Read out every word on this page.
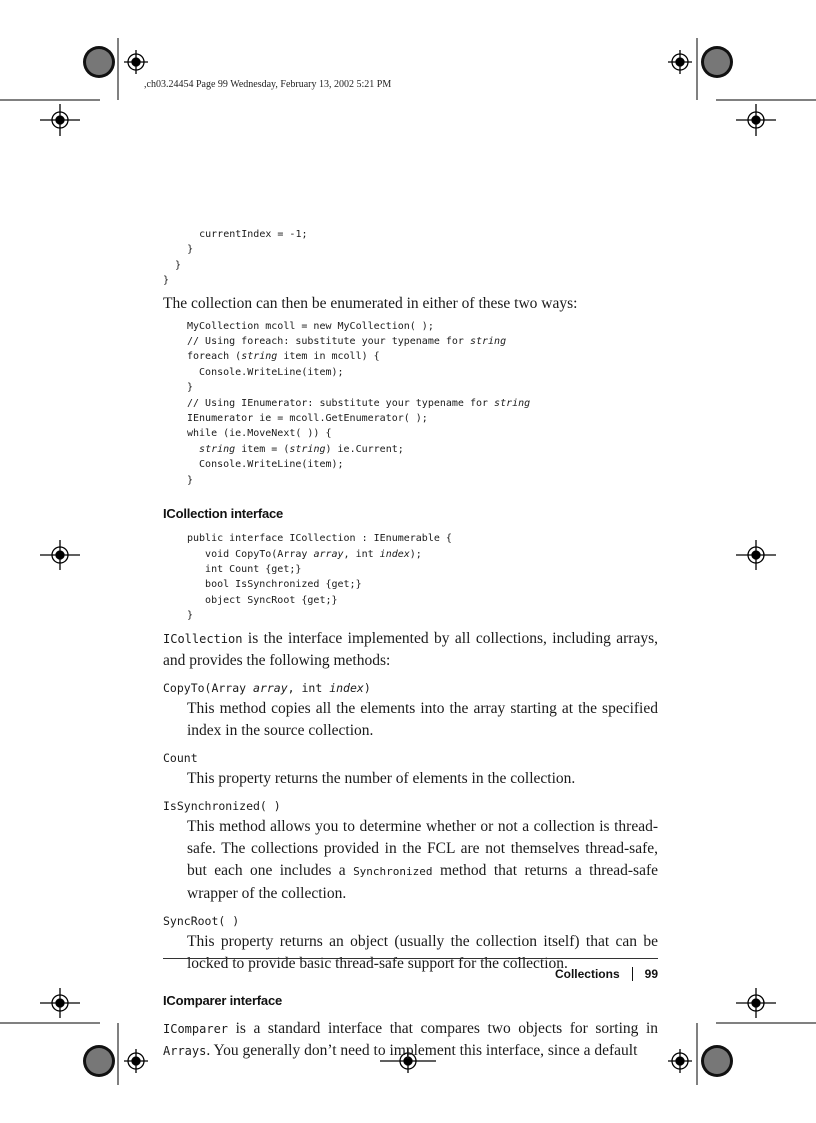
,ch03.24454 Page 99 Wednesday, February 13, 2002 5:21 PM
currentIndex = -1;
}
}
}

The collection can then be enumerated in either of these two ways:

MyCollection mcoll = new MyCollection( );
// Using foreach: substitute your typename for string
foreach (string item in mcoll) {
Console.WriteLine(item);
}
// Using IEnumerator: substitute your typename for string
IEnumerator ie = mcoll.GetEnumerator( );
while (ie.MoveNext( )) {
string item = (string) ie.Current;
Console.WriteLine(item);
}
ICollection interface
public interface ICollection : IEnumerable {
void CopyTo(Array array, int index);
int Count {get;}
bool IsSynchronized {get;}
object SyncRoot {get;}
}

ICollection is the interface implemented by all collections, including arrays, and provides the following methods:

CopyTo(Array array, int index)

This method copies all the elements into the array starting at the specified index in the source collection.

Count

This property returns the number of elements in the collection.

IsSynchronized( )

This method allows you to determine whether or not a collection is thread-safe. The collections provided in the FCL are not themselves thread-safe, but each one includes a Synchronized method that returns a thread-safe wrapper of the collection.

SyncRoot( )

This property returns an object (usually the collection itself) that can be locked to provide basic thread-safe support for the collection.

IComparer interface

IComparer is a standard interface that compares two objects for sorting in Arrays. You generally don’t need to implement this interface, since a default

Collections 99
